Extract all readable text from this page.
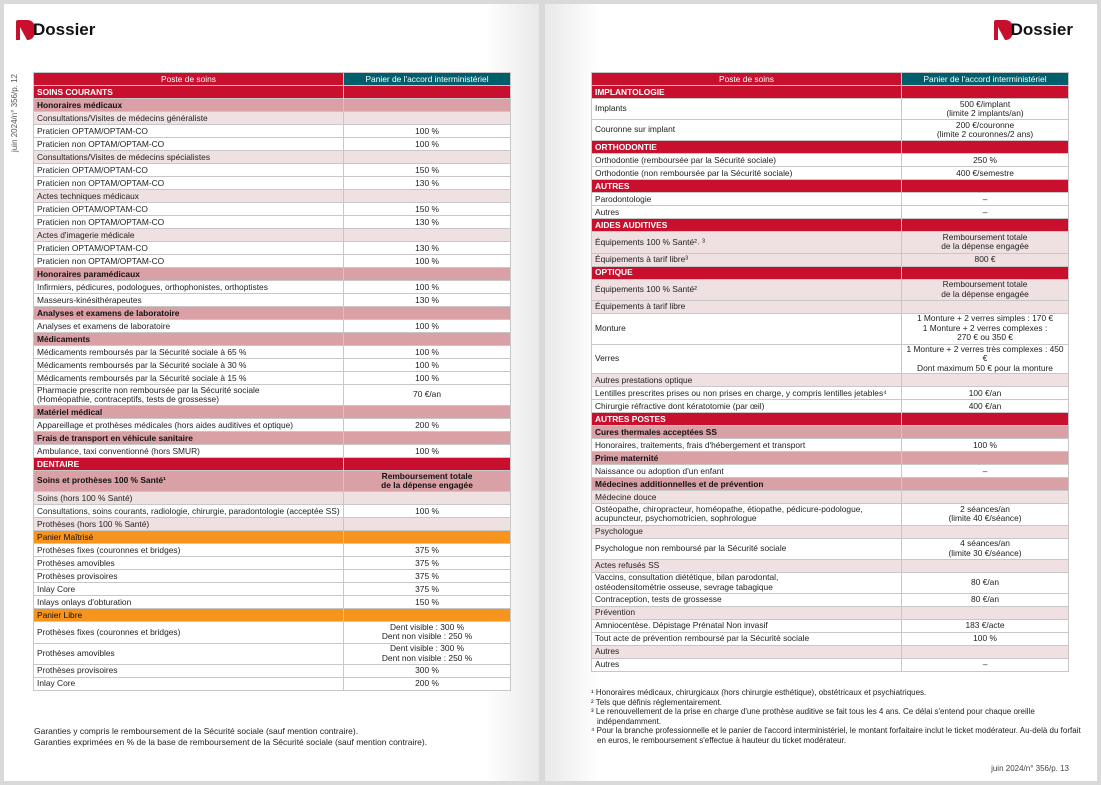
Dossier
juin 2024/n° 356/p. 12	Poste de soins	Panier de l'accord interministériel
SOINS COURANTS	
Honoraires médicaux	
Consultations/Visites de médecins généraliste	
Praticien OPTAM/OPTAM-CO	100 %
Praticien non OPTAM/OPTAM-CO	100 %
Consultations/Visites de médecins spécialistes	
Praticien OPTAM/OPTAM-CO	150 %
Praticien non OPTAM/OPTAM-CO	130 %
Actes techniques médicaux	
Praticien OPTAM/OPTAM-CO	150 %
Praticien non OPTAM/OPTAM-CO	130 %
Actes d'imagerie médicale	
Praticien OPTAM/OPTAM-CO	130 %
Praticien non OPTAM/OPTAM-CO	100 %
Honoraires paramédicaux	
Infirmiers, pédicures, podologues, orthophonistes, orthoptistes	100 %
Masseurs-kinésithérapeutes	130 %
Analyses et examens de laboratoire	
Analyses et examens de laboratoire	100 %
Médicaments	
Médicaments remboursés par la Sécurité sociale à 65 %	100 %
Médicaments remboursés par la Sécurité sociale à 30 %	100 %
Médicaments remboursés par la Sécurité sociale à 15 %	100 %
Pharmacie prescrite non remboursée par la Sécurité sociale
(Homéopathie, contraceptifs, tests de grossesse)	70 €/an
Matériel médical	
Appareillage et prothèses médicales (hors aides auditives et optique)	200 %
Frais de transport en véhicule sanitaire	
Ambulance, taxi conventionné (hors SMUR)	100 %
DENTAIRE	
Soins et prothèses 100 % Santé¹	Remboursement totale
de la dépense engagée
Soins (hors 100 % Santé)	
Consultations, soins courants, radiologie, chirurgie, paradontologie (acceptée SS)	100 %
Prothèses (hors 100 % Santé)	
Panier Maîtrisé	
Prothèses fixes (couronnes et bridges)	375 %
Prothèses amovibles	375 %
Prothèses provisoires	375 %
Inlay Core	375 %
Inlays onlays d'obturation	150 %
Panier Libre	
Prothèses fixes (couronnes et bridges)	Dent visible : 300 %
Dent non visible : 250 %
Prothèses amovibles	Dent visible : 300 %
Dent non visible : 250 %
Prothèses provisoires	300 %
Inlay Core	200 %
Garanties y compris le remboursement de la Sécurité sociale (sauf mention contraire).
Garanties exprimées en % de la base de remboursement de la Sécurité sociale (sauf mention contraire).
Dossier
Poste de soins	Panier de l'accord interministériel
IMPLANTOLOGIE	
Implants	500 €/implant
(limite 2 implants/an)
Couronne sur implant	200 €/couronne
(limite 2 couronnes/2 ans)
ORTHODONTIE	
Orthodontie (remboursée par la Sécurité sociale)	250 %
Orthodontie (non remboursée par la Sécurité sociale)	400 €/semestre
AUTRES	
Parodontologie	–
Autres	–
AIDES AUDITIVES	
Équipements 100 % Santé²˒ ³	Remboursement totale
de la dépense engagée
Équipements à tarif libre³	800 €
OPTIQUE	
Équipements 100 % Santé²	Remboursement totale
de la dépense engagée
Équipements à tarif libre	
Monture	1 Monture + 2 verres simples : 170 €
1 Monture + 2 verres complexes :
270 € ou 350 €
Verres	1 Monture + 2 verres très complexes : 450 €
Dont maximum 50 € pour la monture
Autres prestations optique	
Lentilles prescrites prises ou non prises en charge, y compris lentilles jetables⁴	100 €/an
Chirurgie réfractive dont kératotomie (par œil)	400 €/an
AUTRES POSTES	
Cures thermales acceptées SS	
Honoraires, traitements, frais d'hébergement et transport	100 %
Prime maternité	
Naissance ou adoption d'un enfant	–
Médecines additionnelles et de prévention	
Médecine douce	
Ostéopathe, chiropracteur, homéopathe, étiopathe, pédicure-podologue,
acupuncteur, psychomotricien, sophrologue	2 séances/an
(limite 40 €/séance)
Psychologue	
Psychologue non remboursé par la Sécurité sociale	4 séances/an
(limite 30 €/séance)
Actes refusés SS	
Vaccins, consultation diététique, bilan parodontal,
ostéodensitométrie osseuse, sevrage tabagique	80 €/an
Contraception, tests de grossesse	80 €/an
Prévention	
Amniocentèse. Dépistage Prénatal Non invasif	183 €/acte
Tout acte de prévention remboursé par la Sécurité sociale	100 %
Autres	
Autres	–
¹ Honoraires médicaux, chirurgicaux (hors chirurgie esthétique), obstétricaux et psychiatriques.
² Tels que définis réglementairement.
³ Le renouvellement de la prise en charge d'une prothèse auditive se fait tous les 4 ans. Ce délai s'entend pour chaque oreille indépendamment.
⁴ Pour la branche professionnelle et le panier de l'accord interministériel, le montant forfaitaire inclut le ticket modérateur. Au-delà du forfait en euros, le remboursement s'effectue à hauteur du ticket modérateur.
juin 2024/n° 356/p. 13
